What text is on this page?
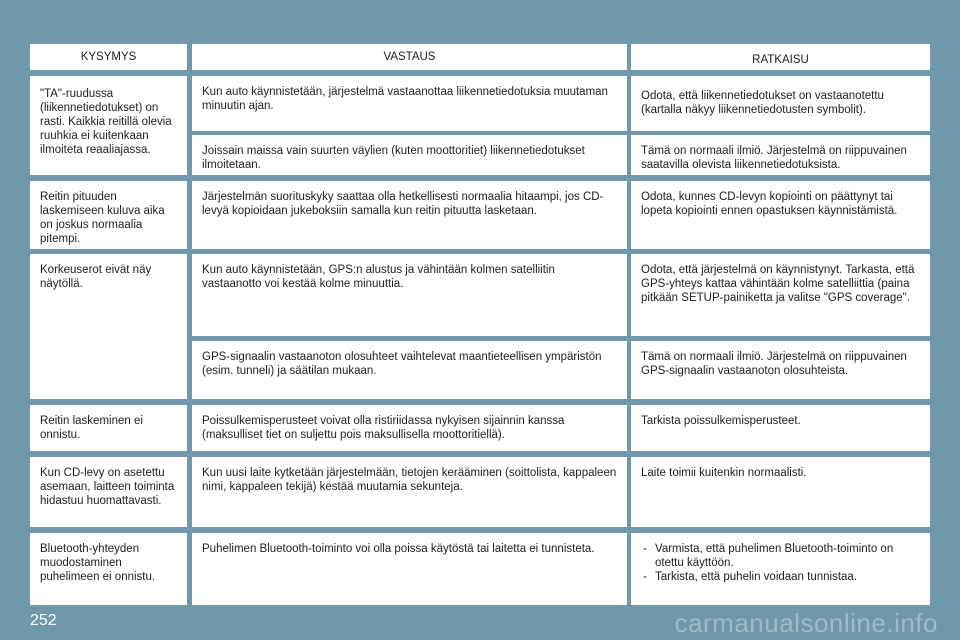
KYSYMYS	VASTAUS	RATKAISU
"TA"-ruudussa (liikennetiedotukset) on rasti. Kaikkia reitillä olevia ruuhkia ei kuitenkaan ilmoiteta reaaliajassa.
Kun auto käynnistetään, järjestelmä vastaanottaa liikennetiedotuksia muutaman minuutin ajan.
Odota, että liikennetiedotukset on vastaanotettu (kartalla näkyy liikennetiedotusten symbolit).
Joissain maissa vain suurten väylien (kuten moottoritiet) liikennetiedotukset ilmoitetaan.
Tämä on normaali ilmiö. Järjestelmä on riippuvainen saatavilla olevista liikennetiedotuksista.
Reitin pituuden laskemiseen kuluva aika on joskus normaalia pitempi.
Järjestelmän suorituskyky saattaa olla hetkellisesti normaalia hitaampi, jos CD-levyä kopioidaan jukeboksiin samalla kun reitin pituutta lasketaan.
Odota, kunnes CD-levyn kopiointi on päättynyt tai lopeta kopiointi ennen opastuksen käynnistämistä.
Korkeuserot eivät näy näytöllä.
Kun auto käynnistetään, GPS:n alustus ja vähintään kolmen satelliitin vastaanotto voi kestää kolme minuuttia.
Odota, että järjestelmä on käynnistynyt. Tarkasta, että GPS-yhteys kattaa vähintään kolme satelliittia (paina pitkään SETUP-painiketta ja valitse "GPS coverage".
GPS-signaalin vastaanoton olosuhteet vaihtelevat maantieteellisen ympäristön (esim. tunneli) ja säätilan mukaan.
Tämä on normaali ilmiö. Järjestelmä on riippuvainen GPS-signaalin vastaanoton olosuhteista.
Reitin laskeminen ei onnistu.
Poissulkemisperusteet voivat olla ristiriidassa nykyisen sijainnin kanssa (maksulliset tiet on suljettu pois maksullisella moottoritiellä).
Tarkista poissulkemisperusteet.
Kun CD-levy on asetettu asemaan, laitteen toiminta hidastuu huomattavasti.
Kun uusi laite kytketään järjestelmään, tietojen kerääminen (soittolista, kappaleen nimi, kappaleen tekijä) kestää muutamia sekunteja.
Laite toimii kuitenkin normaalisti.
Bluetooth-yhteyden muodostaminen puhelimeen ei onnistu.
Puhelimen Bluetooth-toiminto voi olla poissa käytöstä tai laitetta ei tunnisteta.
-	Varmista, että puhelimen Bluetooth-toiminto on otettu käyttöön.
- Tarkista, että puhelin voidaan tunnistaa.
252	carmanualsonline.info
